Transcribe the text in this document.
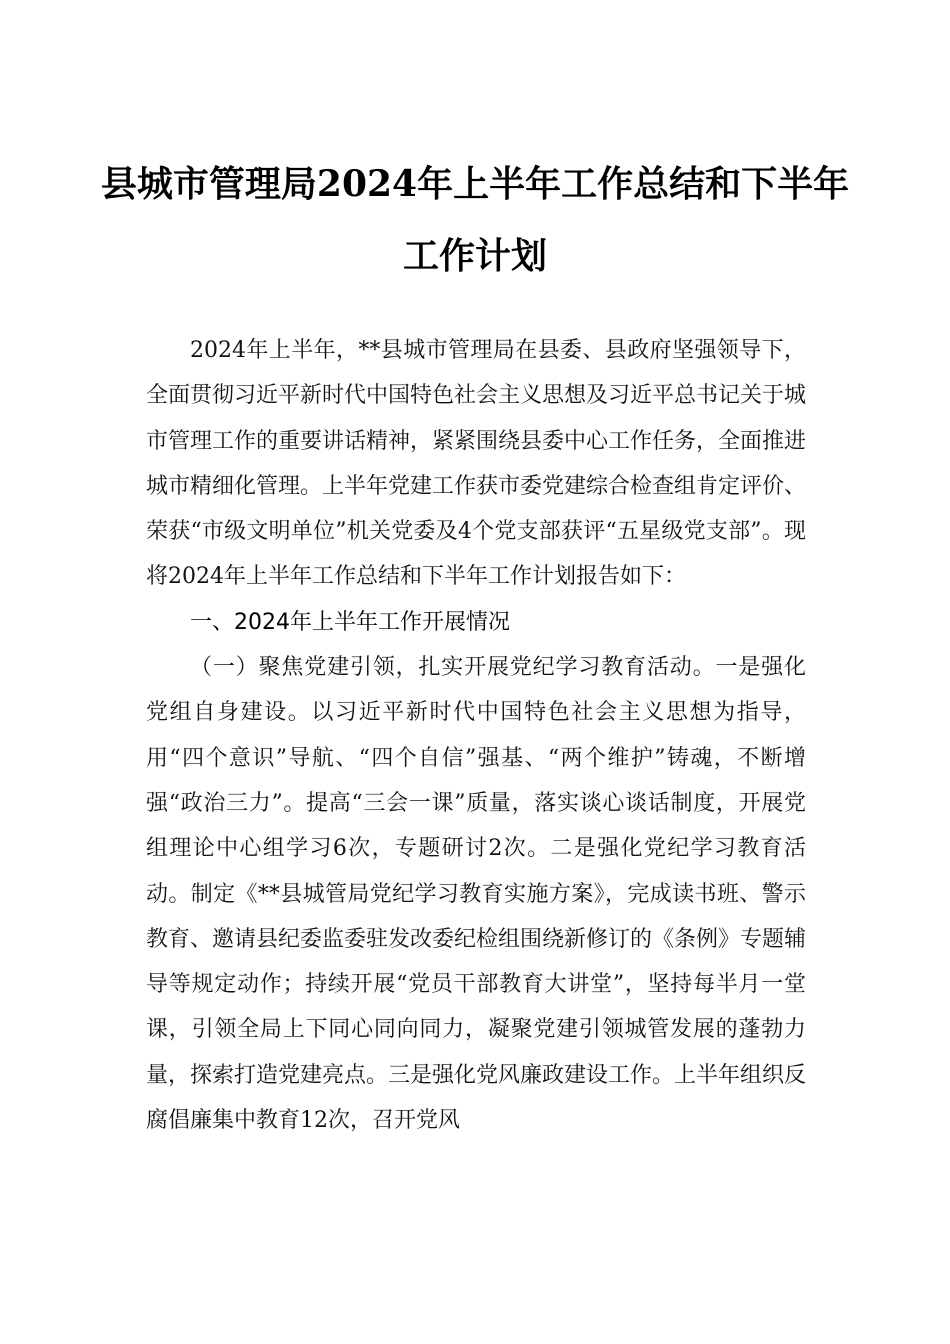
县城市管理局2024年上半年工作总结和下半年工作计划

2024年上半年，**县城市管理局在县委、县政府坚强领导下，全面贯彻习近平新时代中国特色社会主义思想及习近平总书记关于城市管理工作的重要讲话精神，紧紧围绕县委中心工作任务，全面推进城市精细化管理。上半年党建工作获市委党建综合检查组肯定评价、荣获“市级文明单位”机关党委及4个党支部获评“五星级党支部”。现将2024年上半年工作总结和下半年工作计划报告如下：

一、2024年上半年工作开展情况

（一）聚焦党建引领，扎实开展党纪学习教育活动。一是强化党组自身建设。以习近平新时代中国特色社会主义思想为指导，用“四个意识”导航、“四个自信”强基、“两个维护”铸魂，不断增强“政治三力”。提高“三会一课”质量，落实谈心谈话制度，开展党组理论中心组学习6次，专题研讨2次。二是强化党纪学习教育活动。制定《**县城管局党纪学习教育实施方案》，完成读书班、警示教育、邀请县纪委监委驻发改委纪检组围绕新修订的《条例》专题辅导等规定动作；持续开展“党员干部教育大讲堂”，坚持每半月一堂课，引领全局上下同心同向同力，凝聚党建引领城管发展的蓬勃力量，探索打造党建亮点。三是强化党风廉政建设工作。上半年组织反腐倡廉集中教育12次，召开党风
